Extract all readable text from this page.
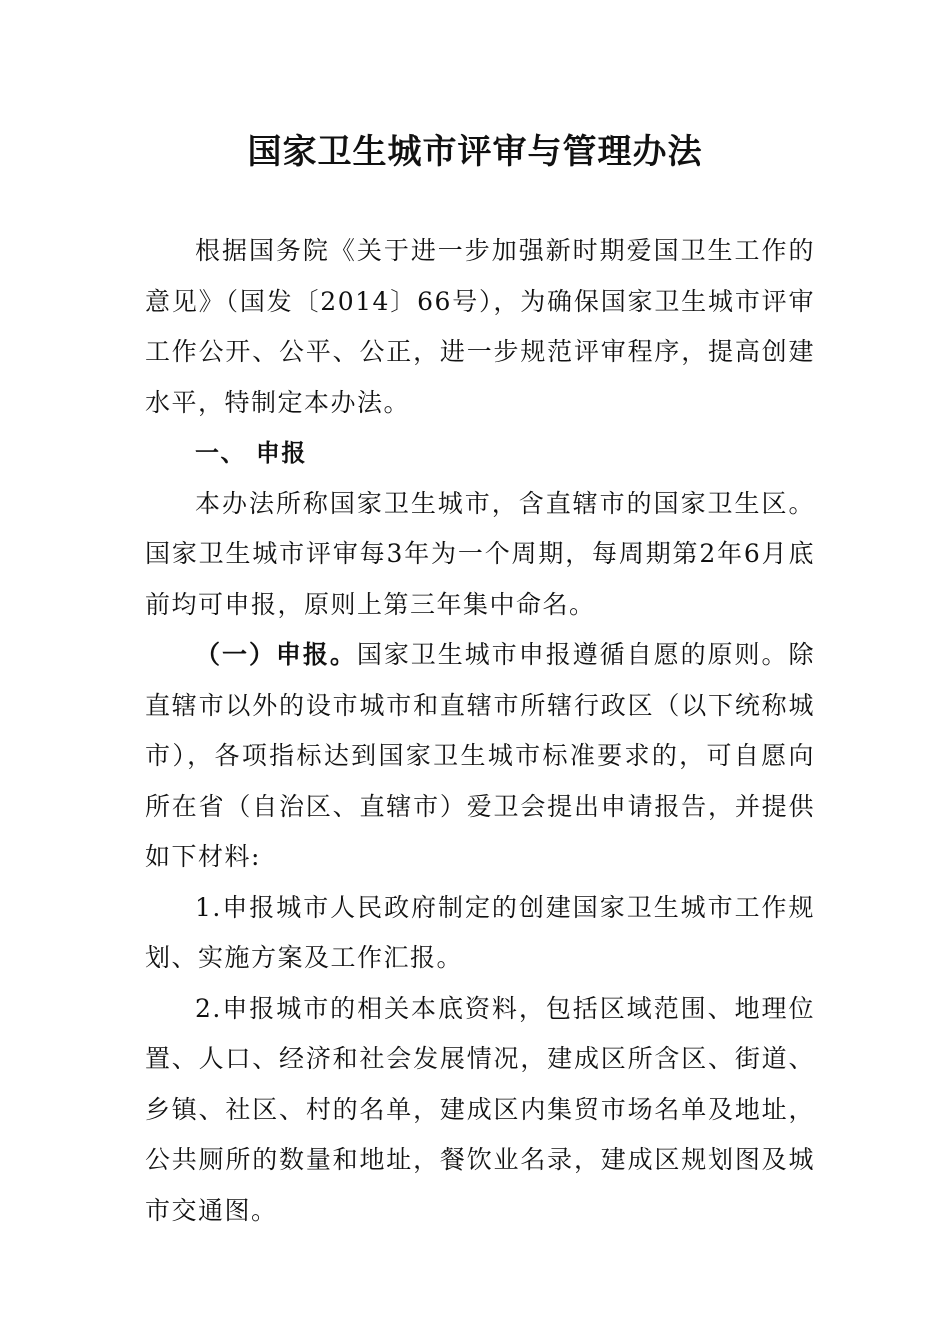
国家卫生城市评审与管理办法

根据国务院《关于进一步加强新时期爱国卫生工作的意见》（国发〔2014〕66号），为确保国家卫生城市评审工作公开、公平、公正，进一步规范评审程序，提高创建水平，特制定本办法。

一、 申报

本办法所称国家卫生城市，含直辖市的国家卫生区。国家卫生城市评审每3年为一个周期，每周期第2年6月底前均可申报，原则上第三年集中命名。

（一）申报。国家卫生城市申报遵循自愿的原则。除直辖市以外的设市城市和直辖市所辖行政区（以下统称城市），各项指标达到国家卫生城市标准要求的，可自愿向所在省（自治区、直辖市）爱卫会提出申请报告，并提供如下材料:

1.申报城市人民政府制定的创建国家卫生城市工作规划、实施方案及工作汇报。

2.申报城市的相关本底资料，包括区域范围、地理位置、人口、经济和社会发展情况，建成区所含区、街道、乡镇、社区、村的名单，建成区内集贸市场名单及地址，公共厕所的数量和地址，餐饮业名录，建成区规划图及城市交通图。
